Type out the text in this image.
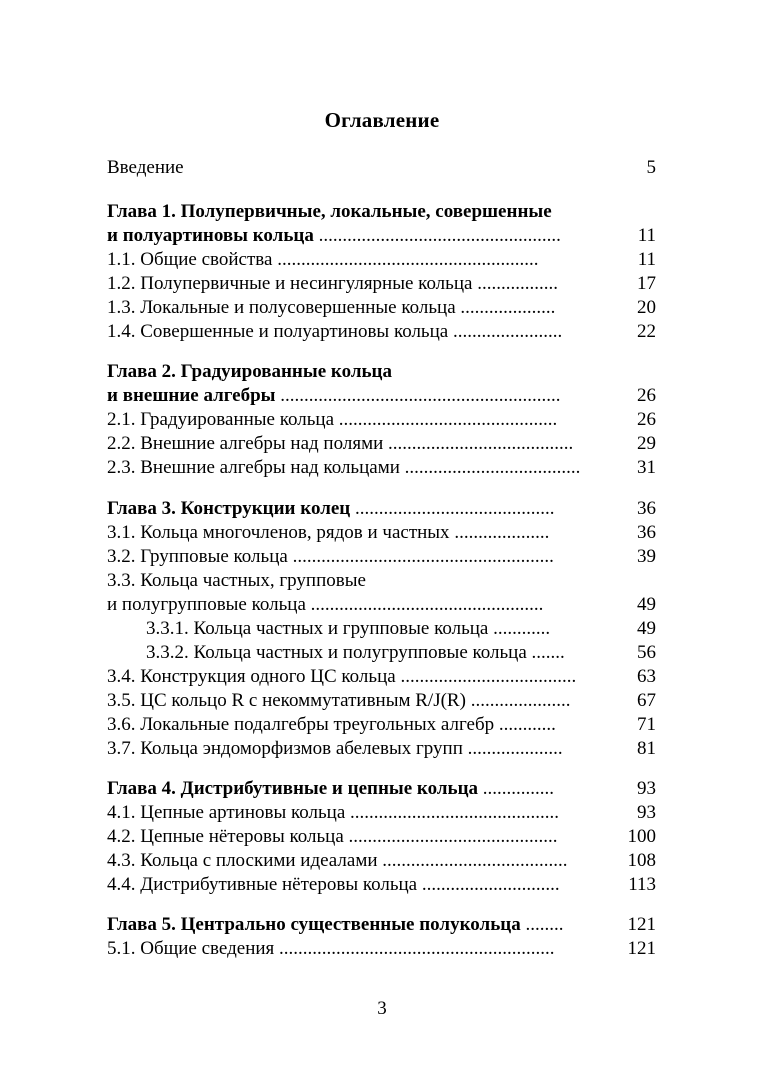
Оглавление
Введение	5
Глава 1. Полупервичные, локальные, совершенные
и полуартиновы кольца ...................................................	11
1.1. Общие свойства .......................................................	11
1.2. Полупервичные и несингулярные кольца .................	17
1.3. Локальные и полусовершенные кольца ....................	20
1.4. Совершенные и полуартиновы кольца .......................	22
Глава 2. Градуированные кольца
и внешние алгебры ...........................................................	26
2.1. Градуированные кольца ..............................................	26
2.2. Внешние алгебры над полями .......................................	29
2.3. Внешние алгебры над кольцами .....................................	31
Глава 3. Конструкции колец ..........................................	36
3.1. Кольца многочленов, рядов и частных ....................	36
3.2. Групповые кольца .......................................................	39
3.3. Кольца частных, групповые
и полугрупповые кольца .................................................	49
3.3.1. Кольца частных и групповые кольца ............	49
3.3.2. Кольца частных и полугрупповые кольца .......	56
3.4. Конструкция одного ЦС кольца .....................................	63
3.5. ЦС кольцо R с некоммутативным R/J(R) .....................	67
3.6. Локальные подалгебры треугольных алгебр ............	71
3.7. Кольца эндоморфизмов абелевых групп ....................	81
Глава 4. Дистрибутивные и цепные кольца ...............	93
4.1. Цепные артиновы кольца ............................................	93
4.2. Цепные нётеровы кольца ............................................	100
4.3. Кольца с плоскими идеалами .......................................	108
4.4. Дистрибутивные нётеровы кольца .............................	113
Глава 5. Центрально существенные полукольца ........	121
5.1. Общие сведения ..........................................................	121
3
